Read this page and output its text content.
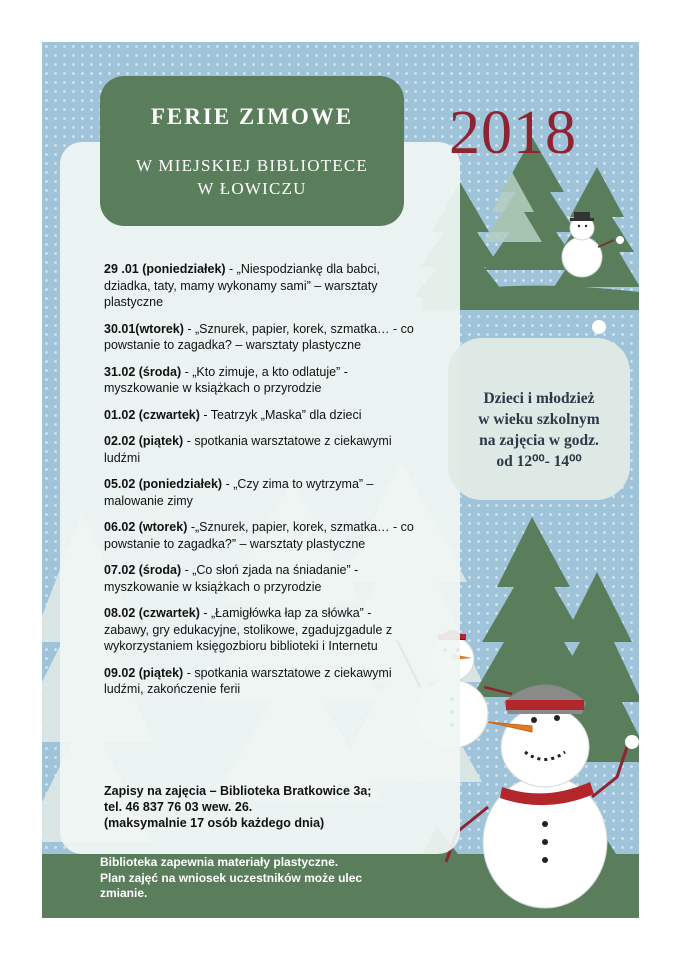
FERIE ZIMOWE
W MIEJSKIEJ BIBLIOTECE
W ŁOWICZU
2018
Dzieci i młodzież
w wieku szkolnym
na zajęcia w godz.
od 12⁰⁰- 14⁰⁰
29 .01 (poniedziałek) - „Niespodziankę dla babci, dziadka, taty, mamy wykonamy sami” – warsztaty plastyczne
30.01(wtorek) - „Sznurek, papier, korek, szmatka… - co powstanie to zagadka? – warsztaty plastyczne
31.02 (środa) - „Kto zimuje, a kto odlatuje” - myszkowanie w książkach o przyrodzie
01.02 (czwartek) - Teatrzyk „Maska” dla dzieci
02.02 (piątek) - spotkania warsztatowe z ciekawymi ludźmi
05.02 (poniedziałek) - „Czy zima to wytrzyma” – malowanie zimy
06.02 (wtorek) -„Sznurek, papier, korek, szmatka… - co powstanie to zagadka?” – warsztaty plastyczne
07.02 (środa) - „Co słoń zjada na śniadanie” - myszkowanie w książkach o przyrodzie
08.02 (czwartek) - „Łamigłówka łap za słówka” - zabawy, gry edukacyjne, stolikowe, zgadujzgadule z wykorzystaniem księgozbioru biblioteki i Internetu
09.02 (piątek) - spotkania warsztatowe z ciekawymi ludźmi, zakończenie ferii
Zapisy na zajęcia – Biblioteka Bratkowice 3a;
tel. 46 837 76 03 wew. 26.
(maksymalnie 17 osób każdego dnia)
Biblioteka zapewnia materiały plastyczne.
Plan zajęć na wniosek uczestników może ulec
zmianie.
